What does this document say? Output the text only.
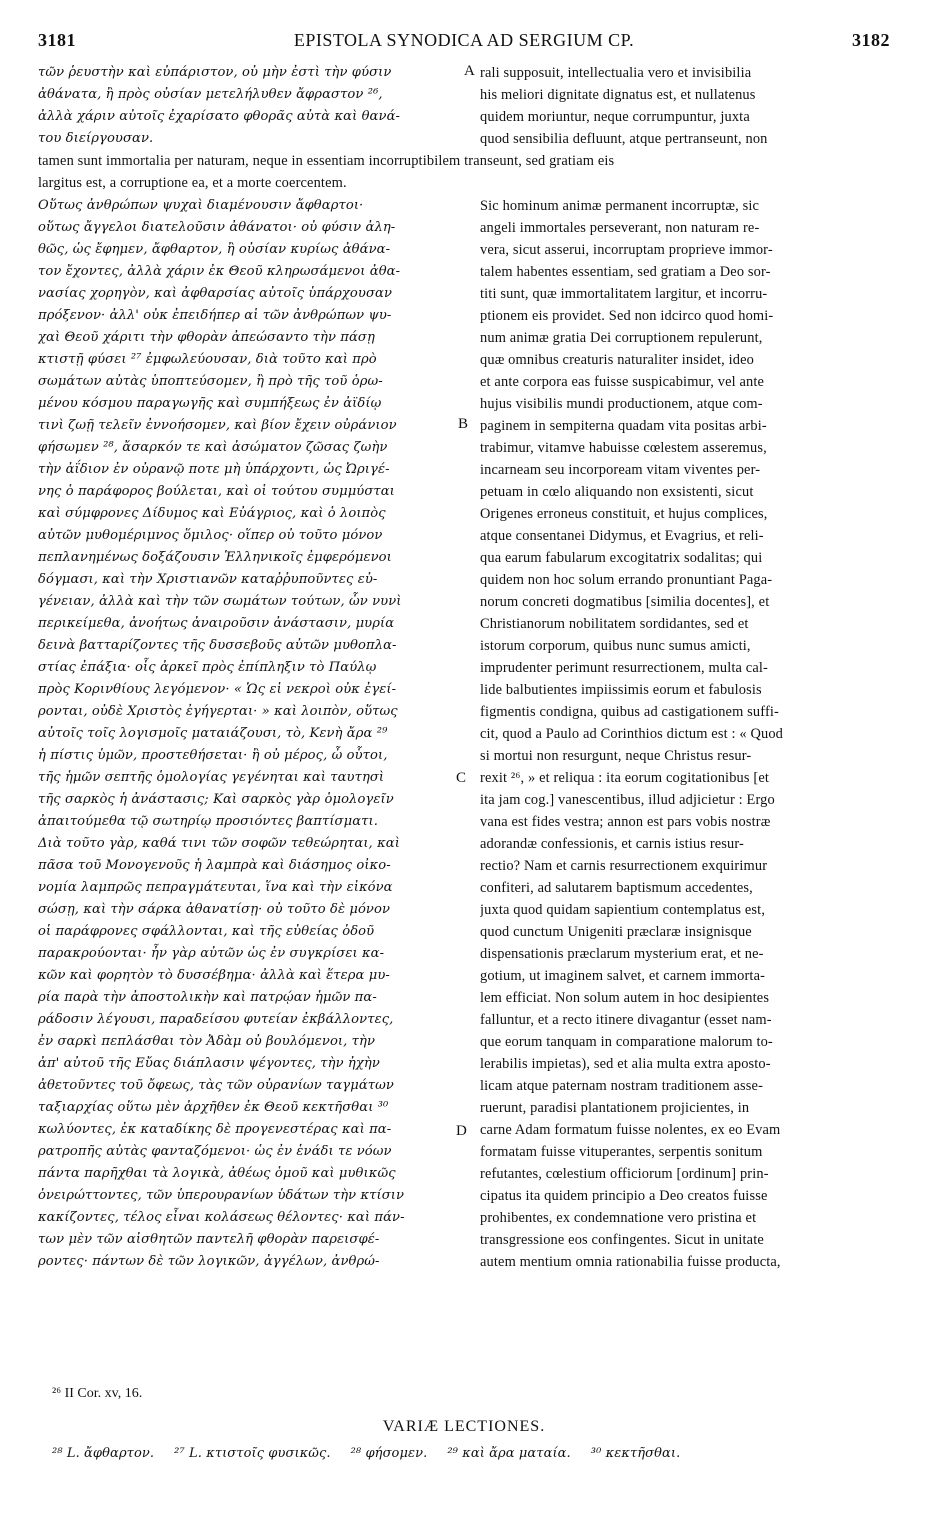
3181	EPISTOLA SYNODICA AD SERGIUM CP.	3182
τῶν ῥευστὴν καὶ εὐπάριστον, οὐ μὴν ἐστὶ τὴν φύσιν
ἀθάνατα, ἢ πρὸς οὐσίαν μετελήλυθεν ἄφραστον ²⁶,
ἀλλὰ χάριν αὐτοῖς ἐχαρίσατο φθορᾶς αὐτὰ καὶ θανά-
του διείργουσαν.
rali supposuit, intellectualia vero et invisibilia
his meliori dignitate dignatus est, et nullatenus
quidem moriuntur, neque corrumpuntur, juxta
quod sensibilia defluunt, atque pertranseunt, non
tamen sunt immortalia per naturam, neque in essentiam incorruptibilem transeunt, sed gratiam eis
largitus est, a corruptione ea, et a morte coercentem.
Οὕτως ἀνθρώπων ψυχαὶ διαμένουσιν ἄφθαρτοι·
οὕτως ἄγγελοι διατελοῦσιν ἀθάνατοι· οὐ φύσιν ἀλη-
θῶς, ὡς ἔφημεν, ἄφθαρτον, ἢ οὐσίαν κυρίως ἀθάνα-
τον ἔχοντες, ἀλλὰ χάριν ἐκ Θεοῦ κληρωσάμενοι ἀθα-
νασίας χορηγὸν, καὶ ἀφθαρσίας αὐτοῖς ὑπάρχουσαν
πρόξενον· ἀλλ' οὐκ ἐπειδήπερ αἱ τῶν ἀνθρώπων ψυ-
χαὶ Θεοῦ χάριτι τὴν φθορὰν ἀπεώσαντο τὴν πάσῃ
κτιστῇ φύσει ²⁷ ἐμφωλεύουσαν, διὰ τοῦτο καὶ πρὸ
σωμάτων αὐτὰς ὑποπτεύσομεν, ἢ πρὸ τῆς τοῦ ὁρω-
μένου κόσμου παραγωγῆς καὶ συμπήξεως ἐν ἀϊδίῳ
τινὶ ζωῇ τελεῖν ἐννοήσομεν, καὶ βίον ἔχειν οὐράνιον
φήσωμεν ²⁸, ἄσαρκόν τε καὶ ἀσώματον ζῶσας ζωὴν
τὴν ἀΐδιον ἐν οὐρανῷ ποτε μὴ ὑπάρχοντι, ὡς Ὠριγέ-
νης ὁ παράφορος βούλεται, καὶ οἱ τούτου συμμύσται
καὶ σύμφρονες Δίδυμος καὶ Εὐάγριος, καὶ ὁ λοιπὸς
αὐτῶν μυθομέριμνος ὅμιλος· οἵπερ οὐ τοῦτο μόνον
πεπλανημένως δοξάζουσιν Ἑλληνικοῖς ἐμφερόμενοι
δόγμασι, καὶ τὴν Χριστιανῶν καταῤῥυποῦντες εὐ-
γένειαν, ἀλλὰ καὶ τὴν τῶν σωμάτων τούτων, ὧν νυνὶ
περικείμεθα, ἀνοήτως ἀναιροῦσιν ἀνάστασιν, μυρία
δεινὰ βατταρίζοντες τῆς δυσσεβοῦς αὐτῶν μυθοπλα-
στίας ἐπάξια· οἷς ἀρκεῖ πρὸς ἐπίπληξιν τὸ Παύλῳ
πρὸς Κορινθίους λεγόμενον· « Ὡς εἰ νεκροὶ οὐκ ἐγεί-
ρονται, οὐδὲ Χριστὸς ἐγήγερται· » καὶ λοιπὸν, οὕτως
αὐτοῖς τοῖς λογισμοῖς ματαιάζουσι, τὸ, Κενὴ ἄρα ²⁹
ἡ πίστις ὑμῶν, προστεθήσεται· ἢ οὐ μέρος, ὦ οὗτοι,
τῆς ἡμῶν σεπτῆς ὁμολογίας γεγένηται καὶ ταυτησὶ
τῆς σαρκὸς ἡ ἀνάστασις; Καὶ σαρκὸς γὰρ ὁμολογεῖν
ἀπαιτούμεθα τῷ σωτηρίῳ προσιόντες βαπτίσματι.
Διὰ τοῦτο γὰρ, καθά τινι τῶν σοφῶν τεθεώρηται, καὶ
πᾶσα τοῦ Μονογενοῦς ἡ λαμπρὰ καὶ διάσημος οἰκο-
νομία λαμπρῶς πεπραγμάτευται, ἵνα καὶ τὴν εἰκόνα
σώσῃ, καὶ τὴν σάρκα ἀθανατίσῃ· οὐ τοῦτο δὲ μόνον
οἱ παράφρονες σφάλλονται, καὶ τῆς εὐθείας ὁδοῦ
παρακρούονται· ἦν γὰρ αὐτῶν ὡς ἐν συγκρίσει κα-
κῶν καὶ φορητὸν τὸ δυσσέβημα· ἀλλὰ καὶ ἕτερα μυ-
ρία παρὰ τὴν ἀποστολικὴν καὶ πατρῴαν ἡμῶν πα-
ράδοσιν λέγουσι, παραδείσου φυτείαν ἐκβάλλοντες,
ἐν σαρκὶ πεπλάσθαι τὸν Ἀδὰμ οὐ βουλόμενοι, τὴν
ἀπ' αὐτοῦ τῆς Εὔας διάπλασιν ψέγοντες, τὴν ἠχὴν
ἀθετοῦντες τοῦ ὄφεως, τὰς τῶν οὐρανίων ταγμάτων
ταξιαρχίας οὕτω μὲν ἀρχῆθεν ἐκ Θεοῦ κεκτῆσθαι ³⁰
κωλύοντες, ἐκ καταδίκης δὲ προγενεστέρας καὶ πα-
ρατροπῆς αὐτὰς φανταζόμενοι· ὡς ἐν ἑνάδι τε νόων
πάντα παρῆχθαι τὰ λογικὰ, ἀθέως ὁμοῦ καὶ μυθικῶς
ὀνειρώττοντες, τῶν ὑπερουρανίων ὑδάτων τὴν κτίσιν
κακίζοντες, τέλος εἶναι κολάσεως θέλοντες· καὶ πάν-
των μὲν τῶν αἰσθητῶν παντελῆ φθορὰν παρεισφέ-
ροντες· πάντων δὲ τῶν λογικῶν, ἀγγέλων, ἀνθρώ-
Sic hominum animæ permanent incorruptæ, sic
angeli immortales perseverant, non naturam re-
vera, sicut asserui, incorruptam proprieve immor-
talem habentes essentiam, sed gratiam a Deo sor-
titi sunt, quæ immortalitatem largitur, et incorru-
ptionem eis providet. Sed non idcirco quod homi-
num animæ gratia Dei corruptionem repulerunt,
quæ omnibus creaturis naturaliter insidet, ideo
et ante corpora eas fuisse suspicabimur, vel ante
hujus visibilis mundi productionem, atque com-
paginem in sempiterna quadam vita positas arbi-
trabimur, vitamve habuisse cœlestem asseremus,
incarneam seu incorpoream vitam viventes per-
petuam in cœlo aliquando non exsistenti, sicut
Origenes erroneus constituit, et hujus complices,
atque consentanei Didymus, et Evagrius, et reli-
qua earum fabularum excogitatrix sodalitas; qui
quidem non hoc solum errando pronuntiant Paga-
norum concreti dogmatibus [similia docentes], et
Christianorum nobilitatem sordidantes, sed et
istorum corporum, quibus nunc sumus amicti,
imprudenter perimunt resurrectionem, multa cal-
lide balbutientes impiissimis eorum et fabulosis
figmentis condigna, quibus ad castigationem suffi-
cit, quod a Paulo ad Corinthios dictum est : « Quod
si mortui non resurgunt, neque Christus resur-
rexit ²⁶, » et reliqua : ita eorum cogitationibus [et
ita jam cog.] vanescentibus, illud adjicietur : Ergo
vana est fides vestra; annon est pars vobis nostræ
adorandæ confessionis, et carnis istius resur-
rectio? Nam et carnis resurrectionem exquirimur
confiteri, ad salutarem baptismum accedentes,
juxta quod quidam sapientium contemplatus est,
quod cunctum Unigeniti præclaræ insignisque
dispensationis præclarum mysterium erat, et ne-
gotium, ut imaginem salvet, et carnem immorta-
lem efficiat. Non solum autem in hoc desipientes
falluntur, et a recto itinere divagantur (esset nam-
que eorum tanquam in comparatione malorum to-
lerabilis impietas), sed et alia multa extra aposto-
licam atque paternam nostram traditionem asse-
ruerunt, paradisi plantationem projicientes, in
carne Adam formatum fuisse nolentes, ex eo Evam
formatam fuisse vituperantes, serpentis sonitum
refutantes, cœlestium officiorum [ordinum] prin-
cipatus ita quidem principio a Deo creatos fuisse
prohibentes, ex condemnatione vero pristina et
transgressione eos confingentes. Sicut in unitate
autem mentium omnia rationabilia fuisse producta,
A
B
C
D
²⁶ II Cor. xv, 16.
VARIÆ LECTIONES.
²⁸ L. ἄφθαρτον. ²⁷ L. κτιστοῖς φυσικῶς. ²⁸ φήσομεν. ²⁹ καὶ ἄρα ματαία. ³⁰ κεκτῆσθαι.
